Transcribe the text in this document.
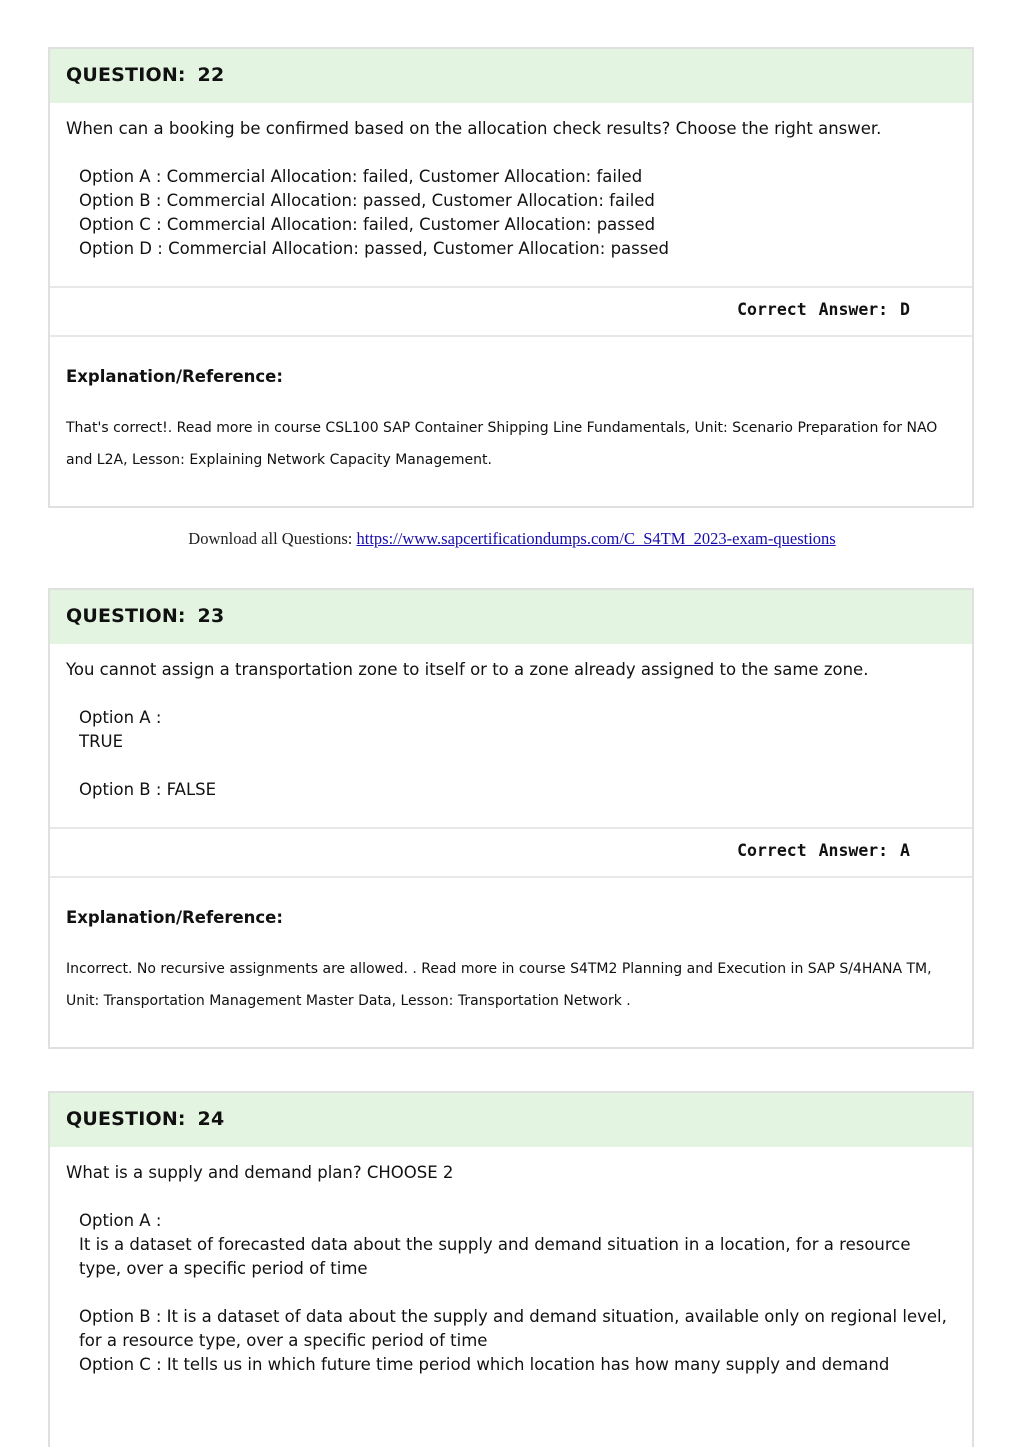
QUESTION: 22
When can a booking be confirmed based on the allocation check results? Choose the right answer.
Option A : Commercial Allocation: failed, Customer Allocation: failed
Option B : Commercial Allocation: passed, Customer Allocation: failed
Option C : Commercial Allocation: failed, Customer Allocation: passed
Option D : Commercial Allocation: passed, Customer Allocation: passed
Correct Answer: D
Explanation/Reference:
That's correct!. Read more in course CSL100 SAP Container Shipping Line Fundamentals, Unit: Scenario Preparation for NAO and L2A, Lesson: Explaining Network Capacity Management.
Download all Questions: https://www.sapcertificationdumps.com/C_S4TM_2023-exam-questions
QUESTION: 23
You cannot assign a transportation zone to itself or to a zone already assigned to the same zone.
Option A :
TRUE
Option B : FALSE
Correct Answer: A
Explanation/Reference:
Incorrect. No recursive assignments are allowed. . Read more in course S4TM2 Planning and Execution in SAP S/4HANA TM, Unit: Transportation Management Master Data, Lesson: Transportation Network .
QUESTION: 24
What is a supply and demand plan? CHOOSE 2
Option A :
It is a dataset of forecasted data about the supply and demand situation in a location, for a resource type, over a specific period of time
Option B : It is a dataset of data about the supply and demand situation, available only on regional level, for a resource type, over a specific period of time
Option C : It tells us in which future time period which location has how many supply and demand
